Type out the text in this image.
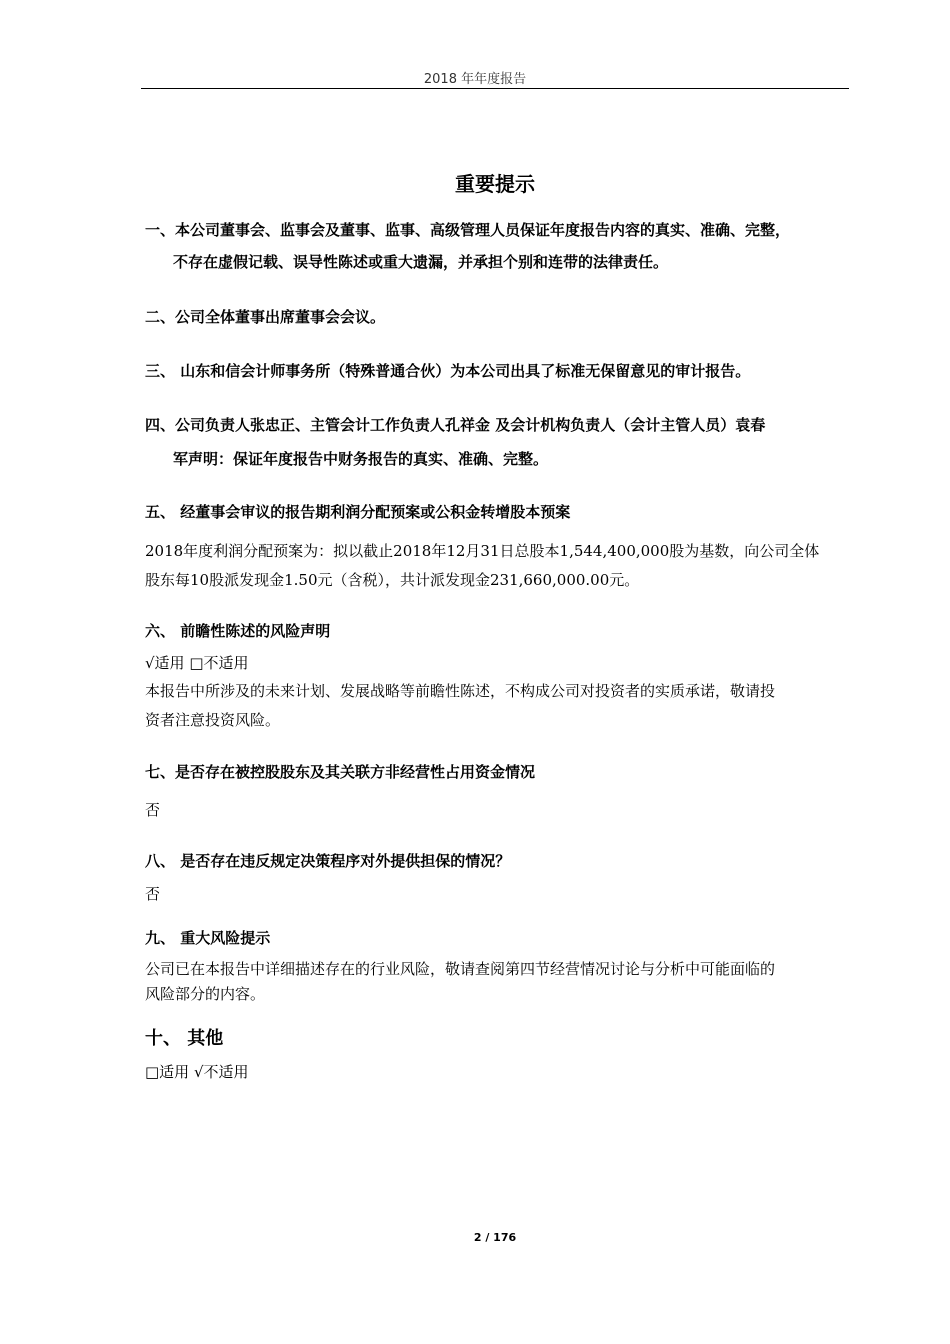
2018 年年度报告
重要提示
一、本公司董事会、监事会及董事、监事、高级管理人员保证年度报告内容的真实、准确、完整，
不存在虚假记载、误导性陈述或重大遗漏，并承担个别和连带的法律责任。
二、公司全体董事出席董事会会议。
三、 山东和信会计师事务所（特殊普通合伙）为本公司出具了标准无保留意见的审计报告。
四、公司负责人张忠正、主管会计工作负责人孔祥金 及会计机构负责人（会计主管人员）袁春
军声明：保证年度报告中财务报告的真实、准确、完整。
五、 经董事会审议的报告期利润分配预案或公积金转增股本预案
2018年度利润分配预案为：拟以截止2018年12月31日总股本1,544,400,000股为基数，向公司全体
股东每10股派发现金1.50元（含税），共计派发现金231,660,000.00元。
六、 前瞻性陈述的风险声明
√适用 □不适用
本报告中所涉及的未来计划、发展战略等前瞻性陈述，不构成公司对投资者的实质承诺，敬请投
资者注意投资风险。
七、是否存在被控股股东及其关联方非经营性占用资金情况
否
八、 是否存在违反规定决策程序对外提供担保的情况？
否
九、 重大风险提示
公司已在本报告中详细描述存在的行业风险，敬请查阅第四节经营情况讨论与分析中可能面临的
风险部分的内容。
十、 其他
□适用 √不适用
2 / 176
